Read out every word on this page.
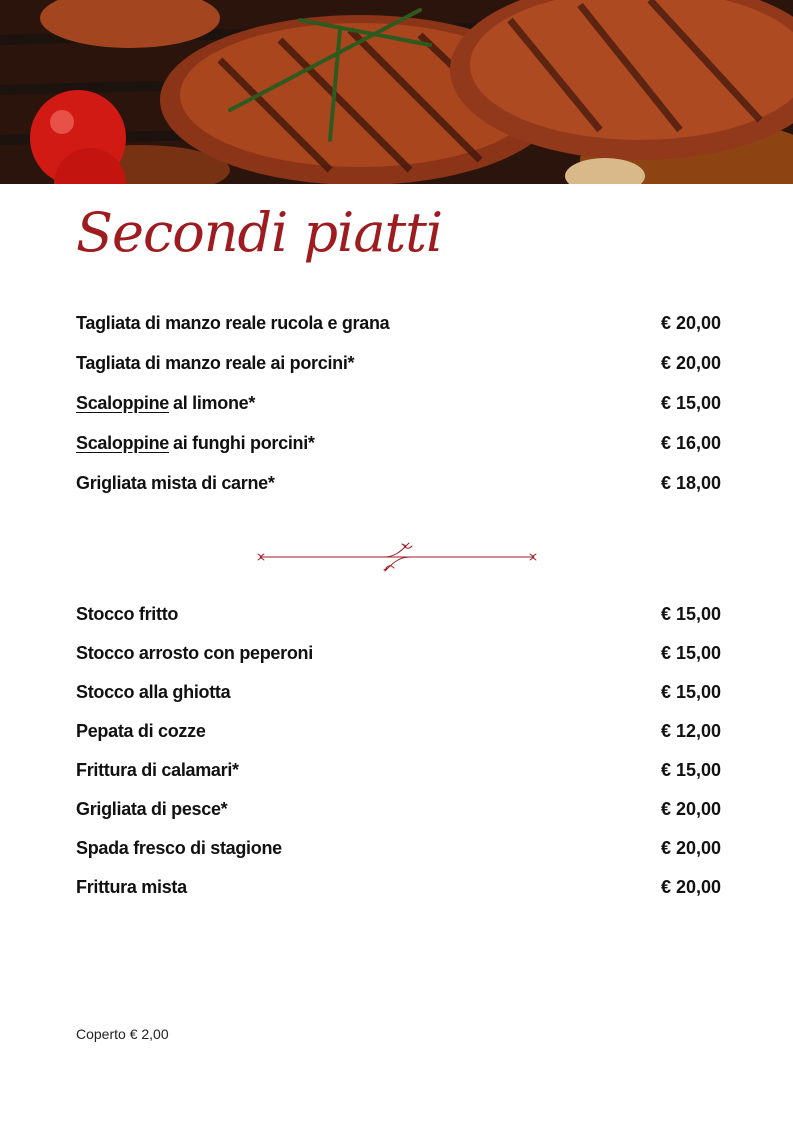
Secondi piatti
Tagliata di manzo reale rucola e grana	€ 20,00
Tagliata di manzo reale ai porcini*	€ 20,00
Scaloppine al limone*	€ 15,00
Scaloppine ai funghi porcini*	€ 16,00
Grigliata mista di carne*	€ 18,00
Stocco fritto	€ 15,00
Stocco arrosto con peperoni	€ 15,00
Stocco alla ghiotta	€ 15,00
Pepata di cozze	€ 12,00
Frittura di calamari*	€ 15,00
Grigliata di pesce*	€ 20,00
Spada fresco di stagione	€ 20,00
Frittura mista	€ 20,00
Coperto € 2,00
